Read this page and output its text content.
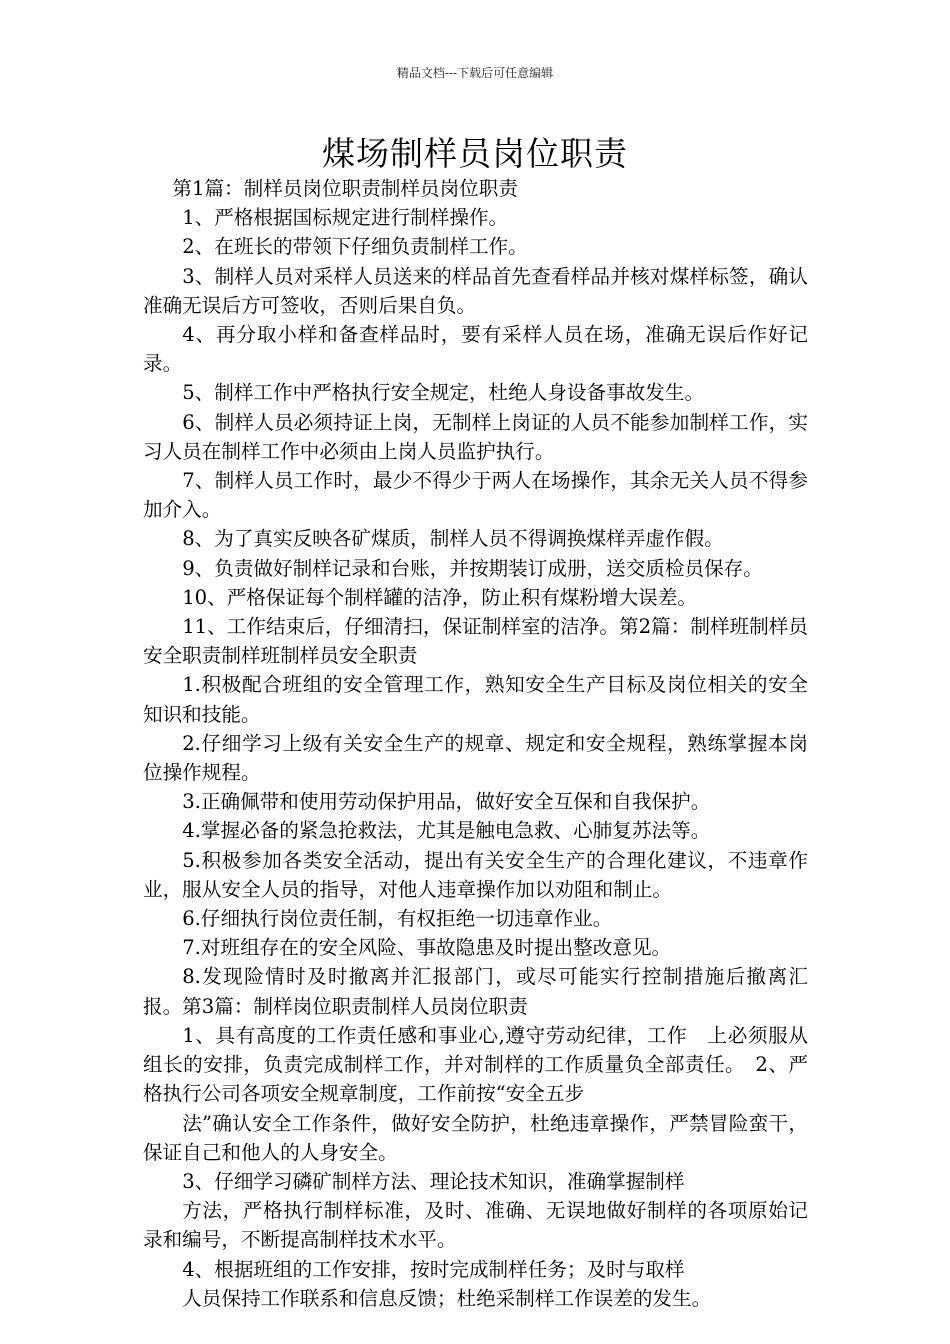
精品文档---下载后可任意编辑
煤场制样员岗位职责

第1篇：制样员岗位职责制样员岗位职责

1、严格根据国标规定进行制样操作。

2、在班长的带领下仔细负责制样工作。

3、制样人员对采样人员送来的样品首先查看样品并核对煤样标签，确认准确无误后方可签收，否则后果自负。

4、再分取小样和备查样品时，要有采样人员在场，准确无误后作好记录。

5、制样工作中严格执行安全规定，杜绝人身设备事故发生。

6、制样人员必须持证上岗，无制样上岗证的人员不能参加制样工作，实习人员在制样工作中必须由上岗人员监护执行。

7、制样人员工作时，最少不得少于两人在场操作，其余无关人员不得参加介入。

8、为了真实反映各矿煤质，制样人员不得调换煤样弄虚作假。

9、负责做好制样记录和台账，并按期装订成册，送交质检员保存。

10、严格保证每个制样罐的洁净，防止积有煤粉增大误差。

11、工作结束后，仔细清扫，保证制样室的洁净。第2篇：制样班制样员安全职责制样班制样员安全职责

1.积极配合班组的安全管理工作，熟知安全生产目标及岗位相关的安全知识和技能。

2.仔细学习上级有关安全生产的规章、规定和安全规程，熟练掌握本岗位操作规程。

3.正确佩带和使用劳动保护用品，做好安全互保和自我保护。

4.掌握必备的紧急抢救法，尤其是触电急救、心肺复苏法等。

5.积极参加各类安全活动，提出有关安全生产的合理化建议，不违章作业，服从安全人员的指导，对他人违章操作加以劝阻和制止。

6.仔细执行岗位责任制，有权拒绝一切违章作业。

7.对班组存在的安全风险、事故隐患及时提出整改意见。

8.发现险情时及时撤离并汇报部门，或尽可能实行控制措施后撤离汇报。第3篇：制样岗位职责制样人员岗位职责

1、具有高度的工作责任感和事业心,遵守劳动纪律，工作　上必须服从组长的安排，负责完成制样工作，并对制样的工作质量负全部责任。　2、严格执行公司各项安全规章制度，工作前按“安全五步

法”确认安全工作条件，做好安全防护，杜绝违章操作，严禁冒险蛮干，保证自己和他人的人身安全。

3、仔细学习磷矿制样方法、理论技术知识，准确掌握制样

方法，严格执行制样标准，及时、准确、无误地做好制样的各项原始记录和编号，不断提高制样技术水平。

4、根据班组的工作安排，按时完成制样任务；及时与取样

人员保持工作联系和信息反馈；杜绝采制样工作误差的发生。
